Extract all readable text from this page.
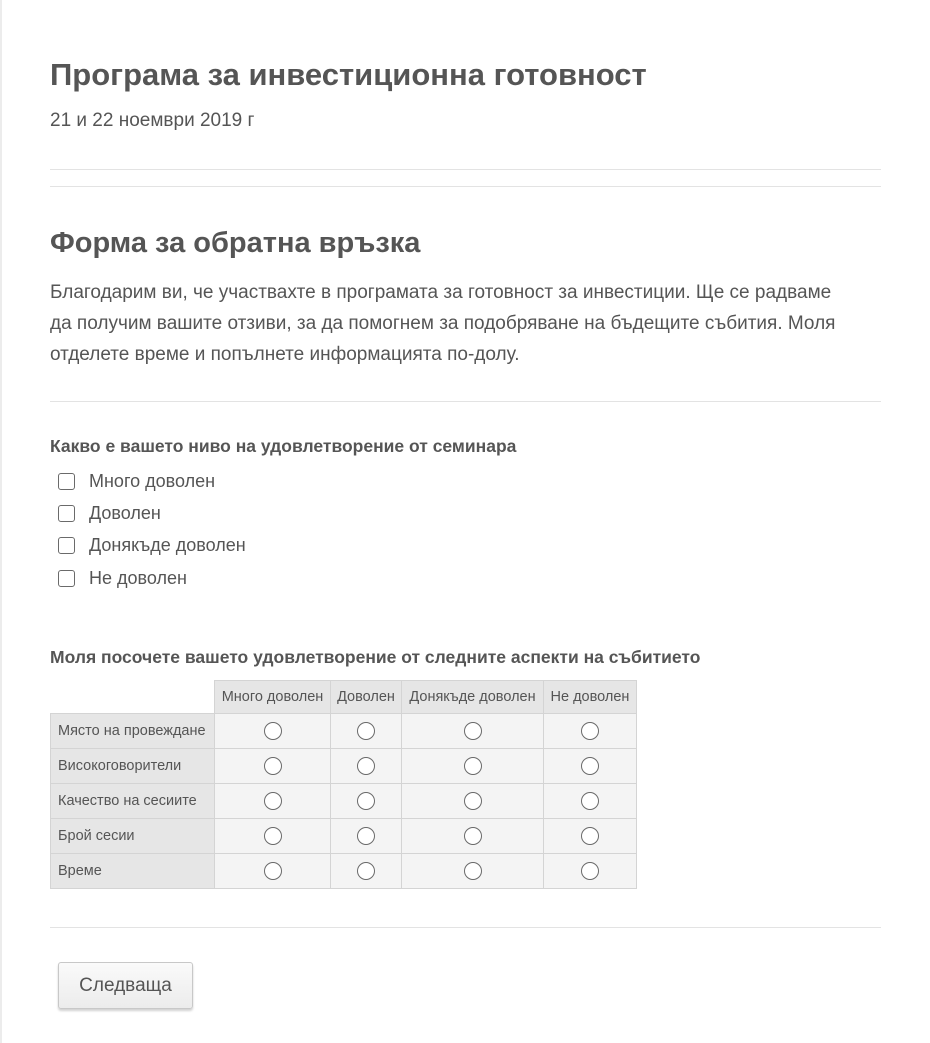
Програма за инвестиционна готовност
21 и 22 ноември 2019 г
Форма за обратна връзка

Благодарим ви, че участвахте в програмата за готовност за инвестиции. Ще се радваме да получим вашите отзиви, за да помогнем за подобряване на бъдещите събития. Моля отделете време и попълнете информацията по-долу.

Какво е вашето ниво на удовлетворение от семинара
Много доволен
Доволен
Донякъде доволен
Не доволен
Моля посочете вашето удовлетворение от следните аспекти на събитието
	Много доволен	Доволен	Донякъде доволен	Не доволен
Място на провеждане				
Високоговорители				
Качество на сесиите				
Брой сесии				
Време				
Следваща
